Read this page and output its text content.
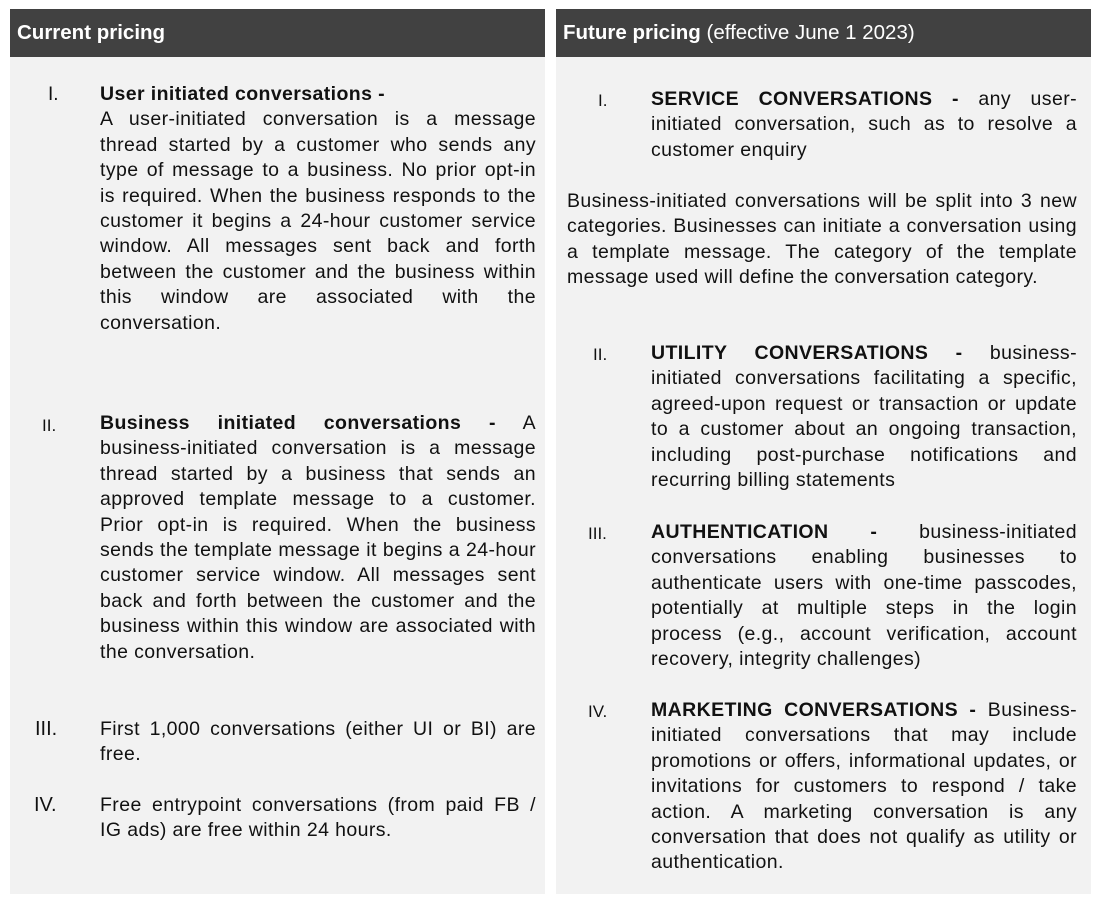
Current pricing
I. User initiated conversations -
A user-initiated conversation is a message thread started by a customer who sends any type of message to a business. No prior opt-in is required. When the business responds to the customer it begins a 24-hour customer service window. All messages sent back and forth between the customer and the business within this window are associated with the conversation.
II. Business initiated conversations - A business-initiated conversation is a message thread started by a business that sends an approved template message to a customer. Prior opt-in is required. When the business sends the template message it begins a 24-hour customer service window. All messages sent back and forth between the customer and the business within this window are associated with the conversation.
III. First 1,000 conversations (either UI or BI) are free.
IV. Free entrypoint conversations (from paid FB / IG ads) are free within 24 hours.
Future pricing (effective June 1 2023)
I. SERVICE CONVERSATIONS - any user-initiated conversation, such as to resolve a customer enquiry
Business-initiated conversations will be split into 3 new categories. Businesses can initiate a conversation using a template message. The category of the template message used will define the conversation category.
II. UTILITY CONVERSATIONS - business-initiated conversations facilitating a specific, agreed-upon request or transaction or update to a customer about an ongoing transaction, including post-purchase notifications and recurring billing statements
III. AUTHENTICATION - business-initiated conversations enabling businesses to authenticate users with one-time passcodes, potentially at multiple steps in the login process (e.g., account verification, account recovery, integrity challenges)
IV. MARKETING CONVERSATIONS - Business-initiated conversations that may include promotions or offers, informational updates, or invitations for customers to respond / take action. A marketing conversation is any conversation that does not qualify as utility or authentication.
